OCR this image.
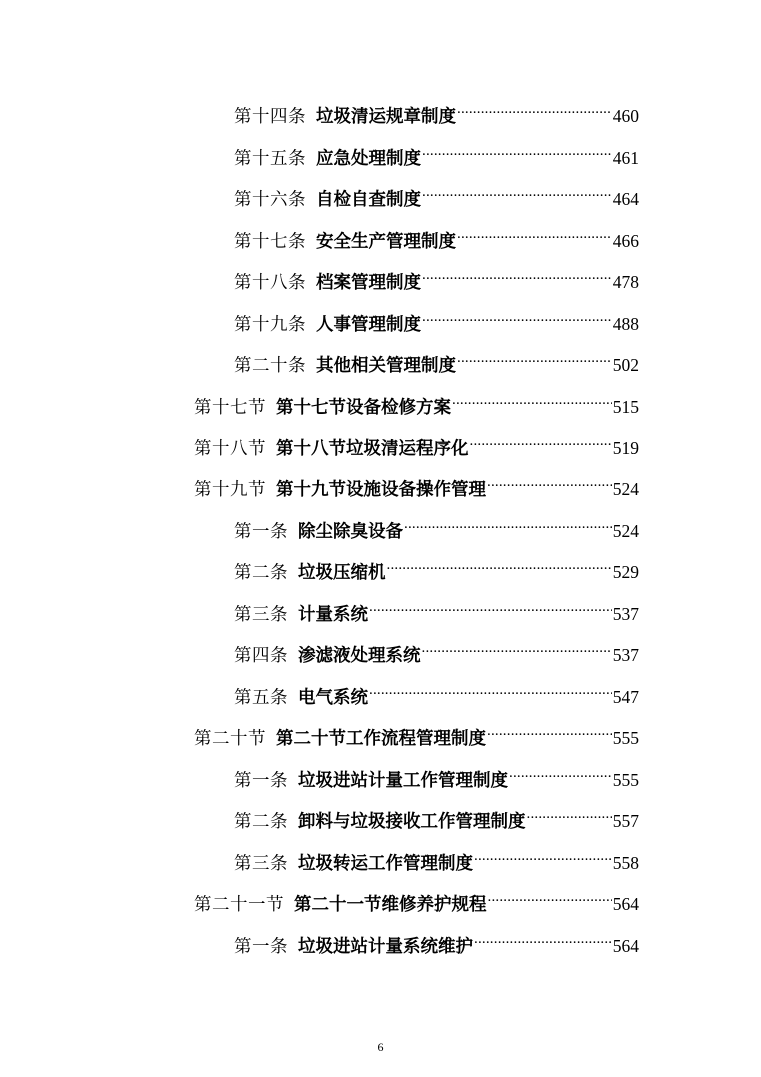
第十四条 垃圾清运规章制度 .....	460
第十五条 应急处理制度 .....	461
第十六条 自检自查制度 .....	464
第十七条 安全生产管理制度 .....	466
第十八条 档案管理制度 .....	478
第十九条 人事管理制度 .....	488
第二十条 其他相关管理制度 .....	502
第十七节 第十七节设备检修方案 .....	515
第十八节 第十八节垃圾清运程序化 .....	519
第十九节 第十九节设施设备操作管理 .....	524
第一条 除尘除臭设备 .....	524
第二条 垃圾压缩机 .....	529
第三条 计量系统 .....	537
第四条 渗滤液处理系统 .....	537
第五条 电气系统 .....	547
第二十节 第二十节工作流程管理制度 .....	555
第一条 垃圾进站计量工作管理制度 .....	555
第二条 卸料与垃圾接收工作管理制度 .....	557
第三条 垃圾转运工作管理制度 .....	558
第二十一节 第二十一节维修养护规程 .....	564
第一条 垃圾进站计量系统维护 .....	564
6
